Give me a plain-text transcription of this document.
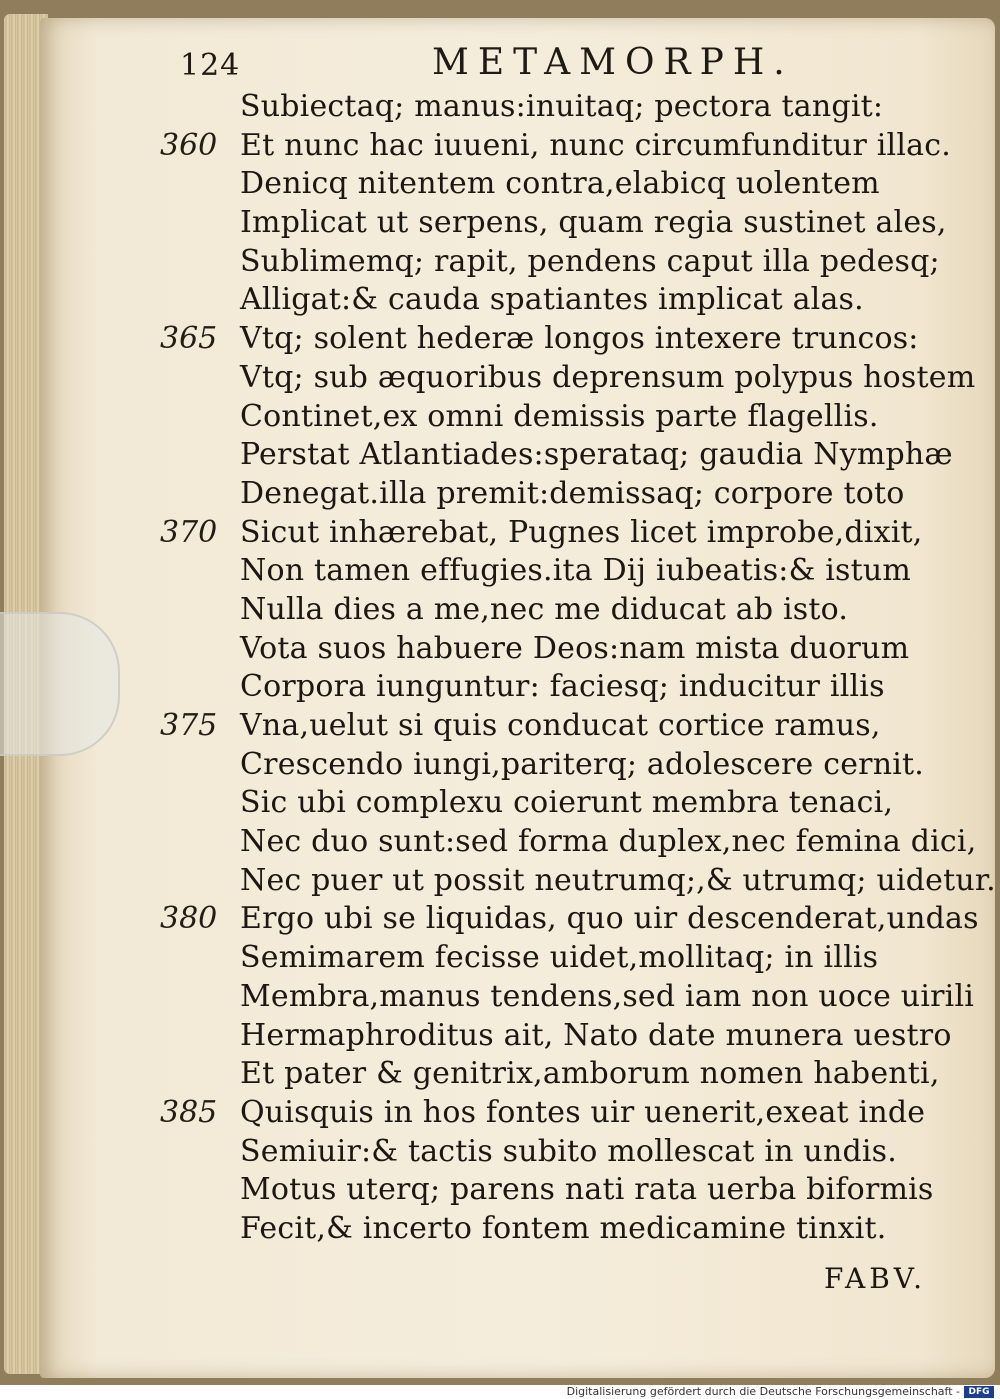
124	METAMORPH.
Subiectaq; manus:inuitaq; pectora tangit:
360 Et nunc hac iuueni, nunc circumfunditur illac.
Denicq nitentem contra,elabicq uolentem
Implicat ut serpens, quam regia sustinet ales,
Sublimemq; rapit, pendens caput illa pedesq;
Alligat:& cauda spatiantes implicat alas.
365 Vtq; solent hederæ longos intexere truncos:
Vtq; sub æquoribus deprensum polypus hostem
Continet,ex omni demissis parte flagellis.
Perstat Atlantiades:sperataq; gaudia Nymphæ
Denegat.illa premit:demissaq; corpore toto
370 Sicut inhærebat, Pugnes licet improbe,dixit,
Non tamen effugies.ita Dij iubeatis:& istum
Nulla dies a me,nec me diducat ab isto.
Vota suos habuere Deos:nam mista duorum
Corpora iunguntur: faciesq; inducitur illis
375 Vna,uelut si quis conducat cortice ramus,
Crescendo iungi,pariterq; adolescere cernit.
Sic ubi complexu coierunt membra tenaci,
Nec duo sunt:sed forma duplex,nec femina dici,
Nec puer ut possit neutrumq;,& utrumq; uidetur.
380 Ergo ubi se liquidas, quo uir descenderat,undas
Semimarem fecisse uidet,mollitaq; in illis
Membra,manus tendens,sed iam non uoce uirili
Hermaphroditus ait, Nato date munera uestro
Et pater & genitrix,amborum nomen habenti,
385 Quisquis in hos fontes uir uenerit,exeat inde
Semiuir:& tactis subito mollescat in undis.
Motus uterq; parens nati rata uerba biformis
Fecit,& incerto fontem medicamine tinxit.
FABV.
Digitalisierung gefördert durch die Deutsche Forschungsgemeinschaft - DFG
